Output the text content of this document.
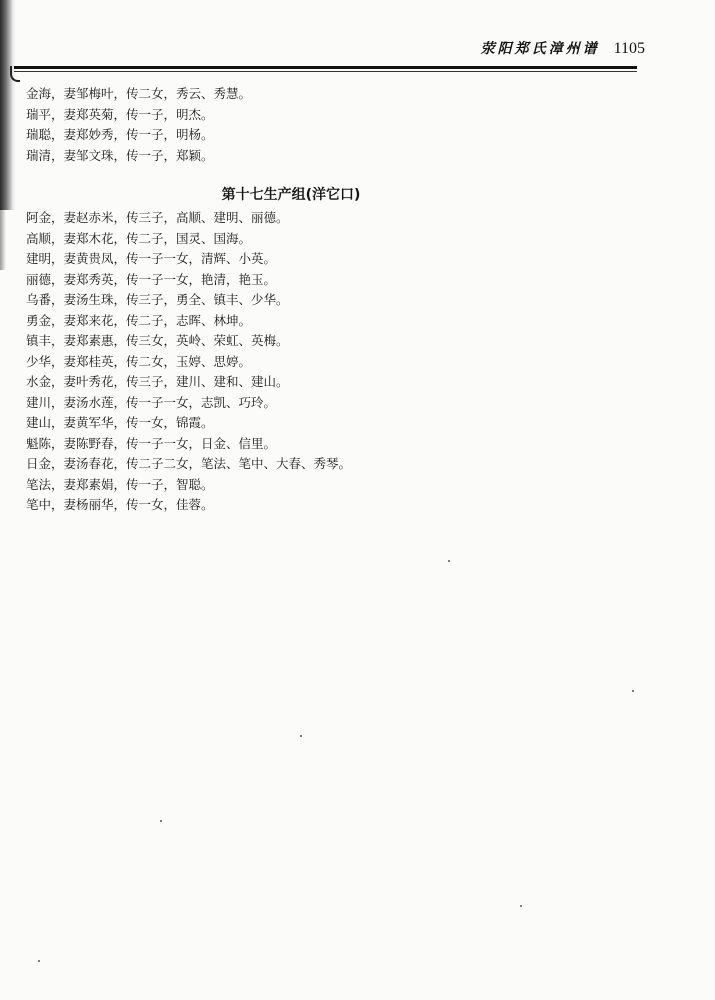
荥阳郑氏漳州谱 1105
金海，妻邹梅叶，传二女，秀云、秀慧。
瑞平，妻郑英菊，传一子，明杰。
瑞聪，妻郑妙秀，传一子，明杨。
瑞清，妻邹文珠，传一子，郑颖。
第十七生产组(洋它口)
阿金，妻赵赤米，传三子，高顺、建明、丽德。
高顺，妻郑木花，传二子，国灵、国海。
建明，妻黄贵凤，传一子一女，清辉、小英。
丽德，妻郑秀英，传一子一女，艳清，艳玉。
乌番，妻汤生珠，传三子，勇全、镇丰、少华。
勇金，妻郑来花，传二子，志晖、林坤。
镇丰，妻郑素惠，传三女，英岭、荣虹、英梅。
少华，妻郑桂英，传二女，玉婷、思婷。
水金，妻叶秀花，传三子，建川、建和、建山。
建川，妻汤水莲，传一子一女，志凯、巧玲。
建山，妻黄军华，传一女，锦霞。
魁陈，妻陈野春，传一子一女，日金、信里。
日金，妻汤春花，传二子二女，笔法、笔中、大春、秀琴。
笔法，妻郑素娟，传一子，智聪。
笔中，妻杨丽华，传一女，佳蓉。
